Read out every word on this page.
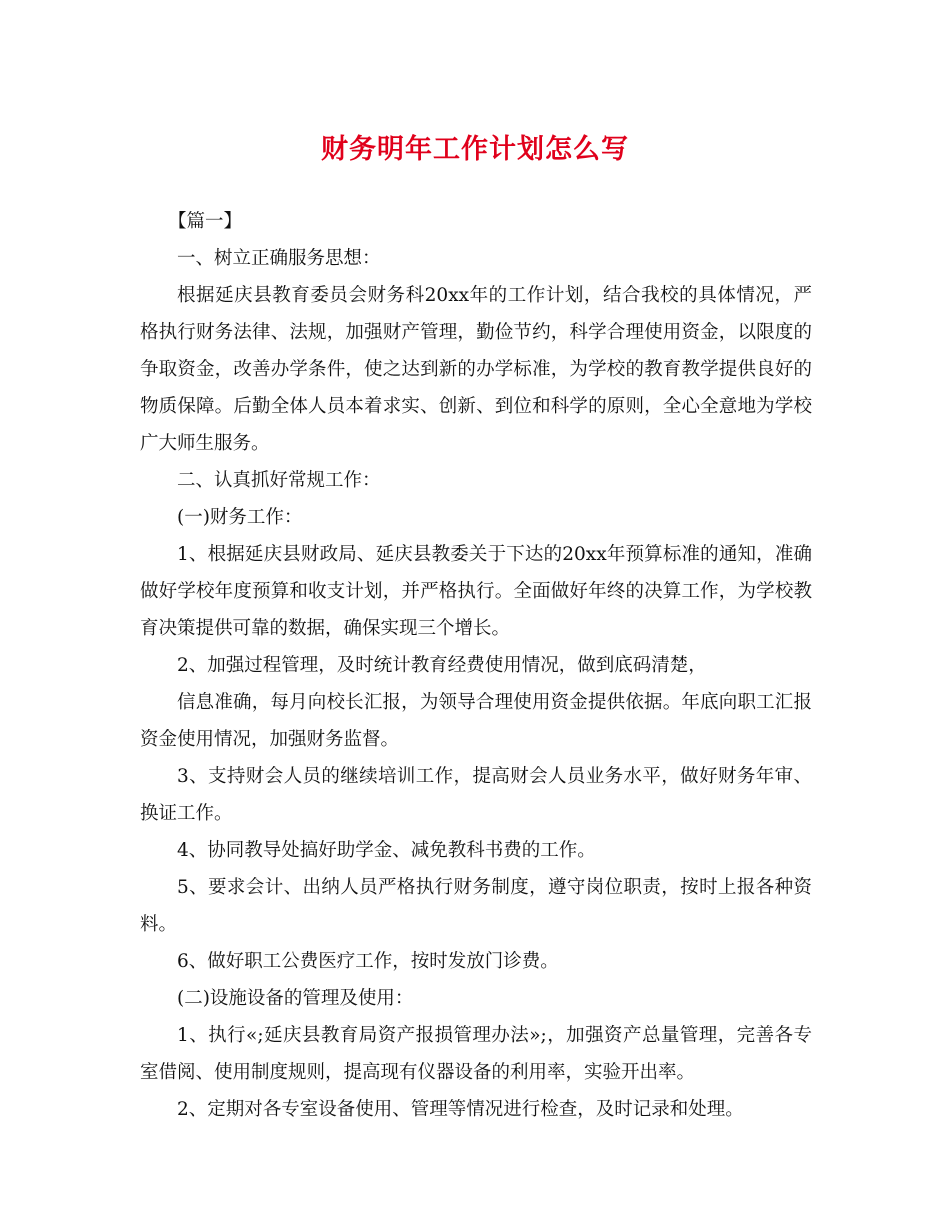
财务明年工作计划怎么写

【篇一】

一、树立正确服务思想：

根据延庆县教育委员会财务科20xx年的工作计划，结合我校的具体情况，严格执行财务法律、法规，加强财产管理，勤俭节约，科学合理使用资金，以限度的争取资金，改善办学条件，使之达到新的办学标准，为学校的教育教学提供良好的物质保障。后勤全体人员本着求实、创新、到位和科学的原则，全心全意地为学校广大师生服务。

二、认真抓好常规工作：

(一)财务工作：

1、根据延庆县财政局、延庆县教委关于下达的20xx年预算标准的通知，准确做好学校年度预算和收支计划，并严格执行。全面做好年终的决算工作，为学校教育决策提供可靠的数据，确保实现三个增长。

2、加强过程管理，及时统计教育经费使用情况，做到底码清楚，

信息准确，每月向校长汇报，为领导合理使用资金提供依据。年底向职工汇报资金使用情况，加强财务监督。

3、支持财会人员的继续培训工作，提高财会人员业务水平，做好财务年审、换证工作。

4、协同教导处搞好助学金、减免教科书费的工作。

5、要求会计、出纳人员严格执行财务制度，遵守岗位职责，按时上报各种资料。

6、做好职工公费医疗工作，按时发放门诊费。

(二)设施设备的管理及使用：

1、执行«;延庆县教育局资产报损管理办法»;，加强资产总量管理，完善各专室借阅、使用制度规则，提高现有仪器设备的利用率，实验开出率。

2、定期对各专室设备使用、管理等情况进行检查，及时记录和处理。
